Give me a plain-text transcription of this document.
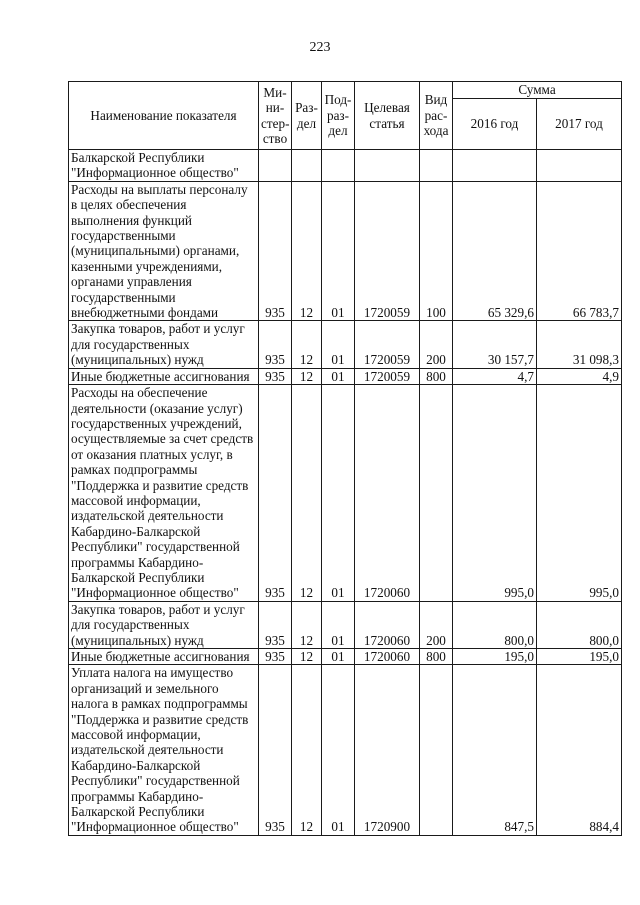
223
Наименование показателя	Ми-
ни-
стер-
ство	Раз-
дел	Под-
раз-
дел	Целевая
статья	Вид
рас-
хода	Сумма	
						2016 год	2017 год
Балкарской Республики "Информационное общество"							
Расходы на выплаты персоналу в целях обеспечения выполнения функций государственными (муниципальными) органами, казенными учреждениями, органами управления государственными внебюджетными фондами	935	12	01	1720059	100	65 329,6	66 783,7
Закупка товаров, работ и услуг для государственных (муниципальных) нужд	935	12	01	1720059	200	30 157,7	31 098,3
Иные бюджетные ассигнования	935	12	01	1720059	800	4,7	4,9
Расходы на обеспечение деятельности (оказание услуг) государственных учреждений, осуществляемые за счет средств от оказания платных услуг, в рамках подпрограммы "Поддержка и развитие средств массовой информации, издательской деятельности Кабардино-Балкарской Республики" государственной программы Кабардино-Балкарской Республики "Информационное общество"	935	12	01	1720060		995,0	995,0
Закупка товаров, работ и услуг для государственных (муниципальных) нужд	935	12	01	1720060	200	800,0	800,0
Иные бюджетные ассигнования	935	12	01	1720060	800	195,0	195,0
Уплата налога на имущество организаций и земельного налога в рамках подпрограммы "Поддержка и развитие средств массовой информации, издательской деятельности Кабардино-Балкарской Республики" государственной программы Кабардино-Балкарской Республики "Информационное общество"	935	12	01	1720900		847,5	884,4
